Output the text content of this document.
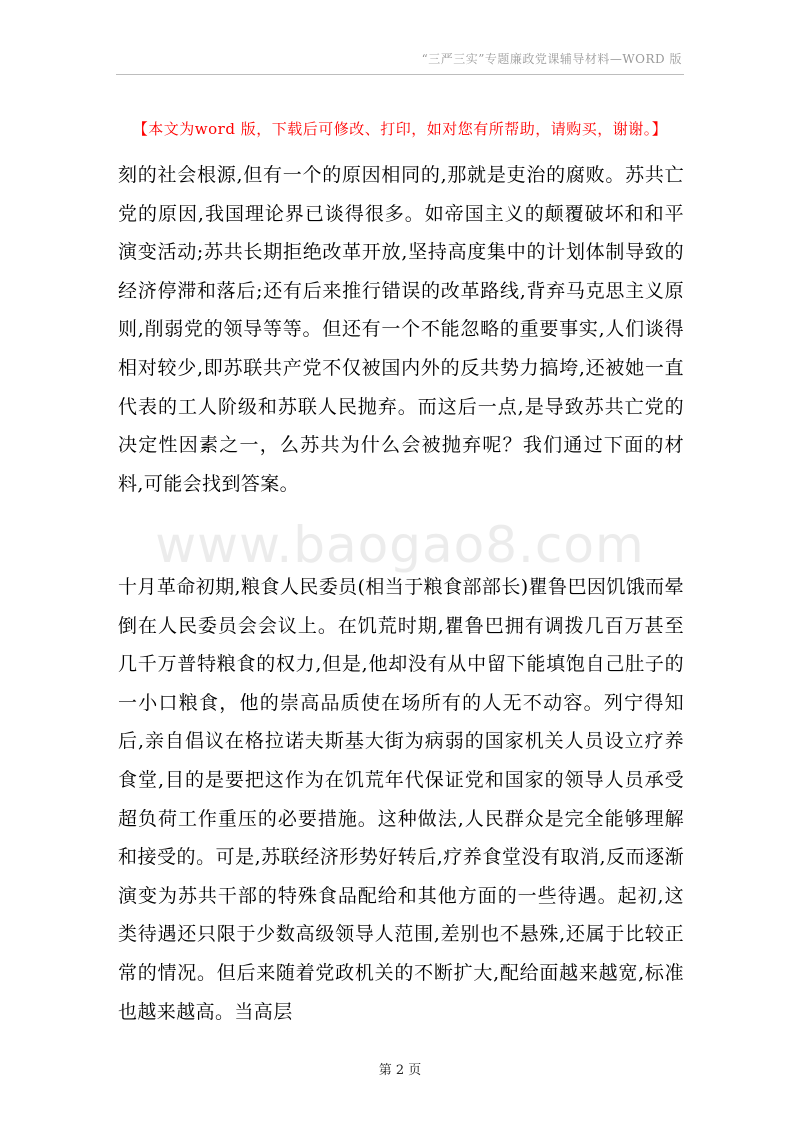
“三严三实”专题廉政党课辅导材料—WORD 版
【本文为word 版，下载后可修改、打印，如对您有所帮助，请购买，谢谢。】

刻的社会根源,但有一个的原因相同的,那就是吏治的腐败。苏共亡党的原因,我国理论界已谈得很多。如帝国主义的颠覆破坏和和平演变活动;苏共长期拒绝改革开放,坚持高度集中的计划体制导致的经济停滞和落后;还有后来推行错误的改革路线,背弃马克思主义原则,削弱党的领导等等。但还有一个不能忽略的重要事实,人们谈得相对较少,即苏联共产党不仅被国内外的反共势力搞垮,还被她一直代表的工人阶级和苏联人民抛弃。而这后一点,是导致苏共亡党的决定性因素之一，么苏共为什么会被抛弃呢？我们通过下面的材料,可能会找到答案。

www.baogao8.com

十月革命初期,粮食人民委员(相当于粮食部部长)瞿鲁巴因饥饿而晕倒在人民委员会会议上。在饥荒时期,瞿鲁巴拥有调拨几百万甚至几千万普特粮食的权力,但是,他却没有从中留下能填饱自己肚子的一小口粮食，他的崇高品质使在场所有的人无不动容。列宁得知后,亲自倡议在格拉诺夫斯基大街为病弱的国家机关人员设立疗养食堂,目的是要把这作为在饥荒年代保证党和国家的领导人员承受超负荷工作重压的必要措施。这种做法,人民群众是完全能够理解和接受的。可是,苏联经济形势好转后,疗养食堂没有取消,反而逐渐演变为苏共干部的特殊食品配给和其他方面的一些待遇。起初,这类待遇还只限于少数高级领导人范围,差别也不悬殊,还属于比较正常的情况。但后来随着党政机关的不断扩大,配给面越来越宽,标准也越来越高。当高层

第 2 页
